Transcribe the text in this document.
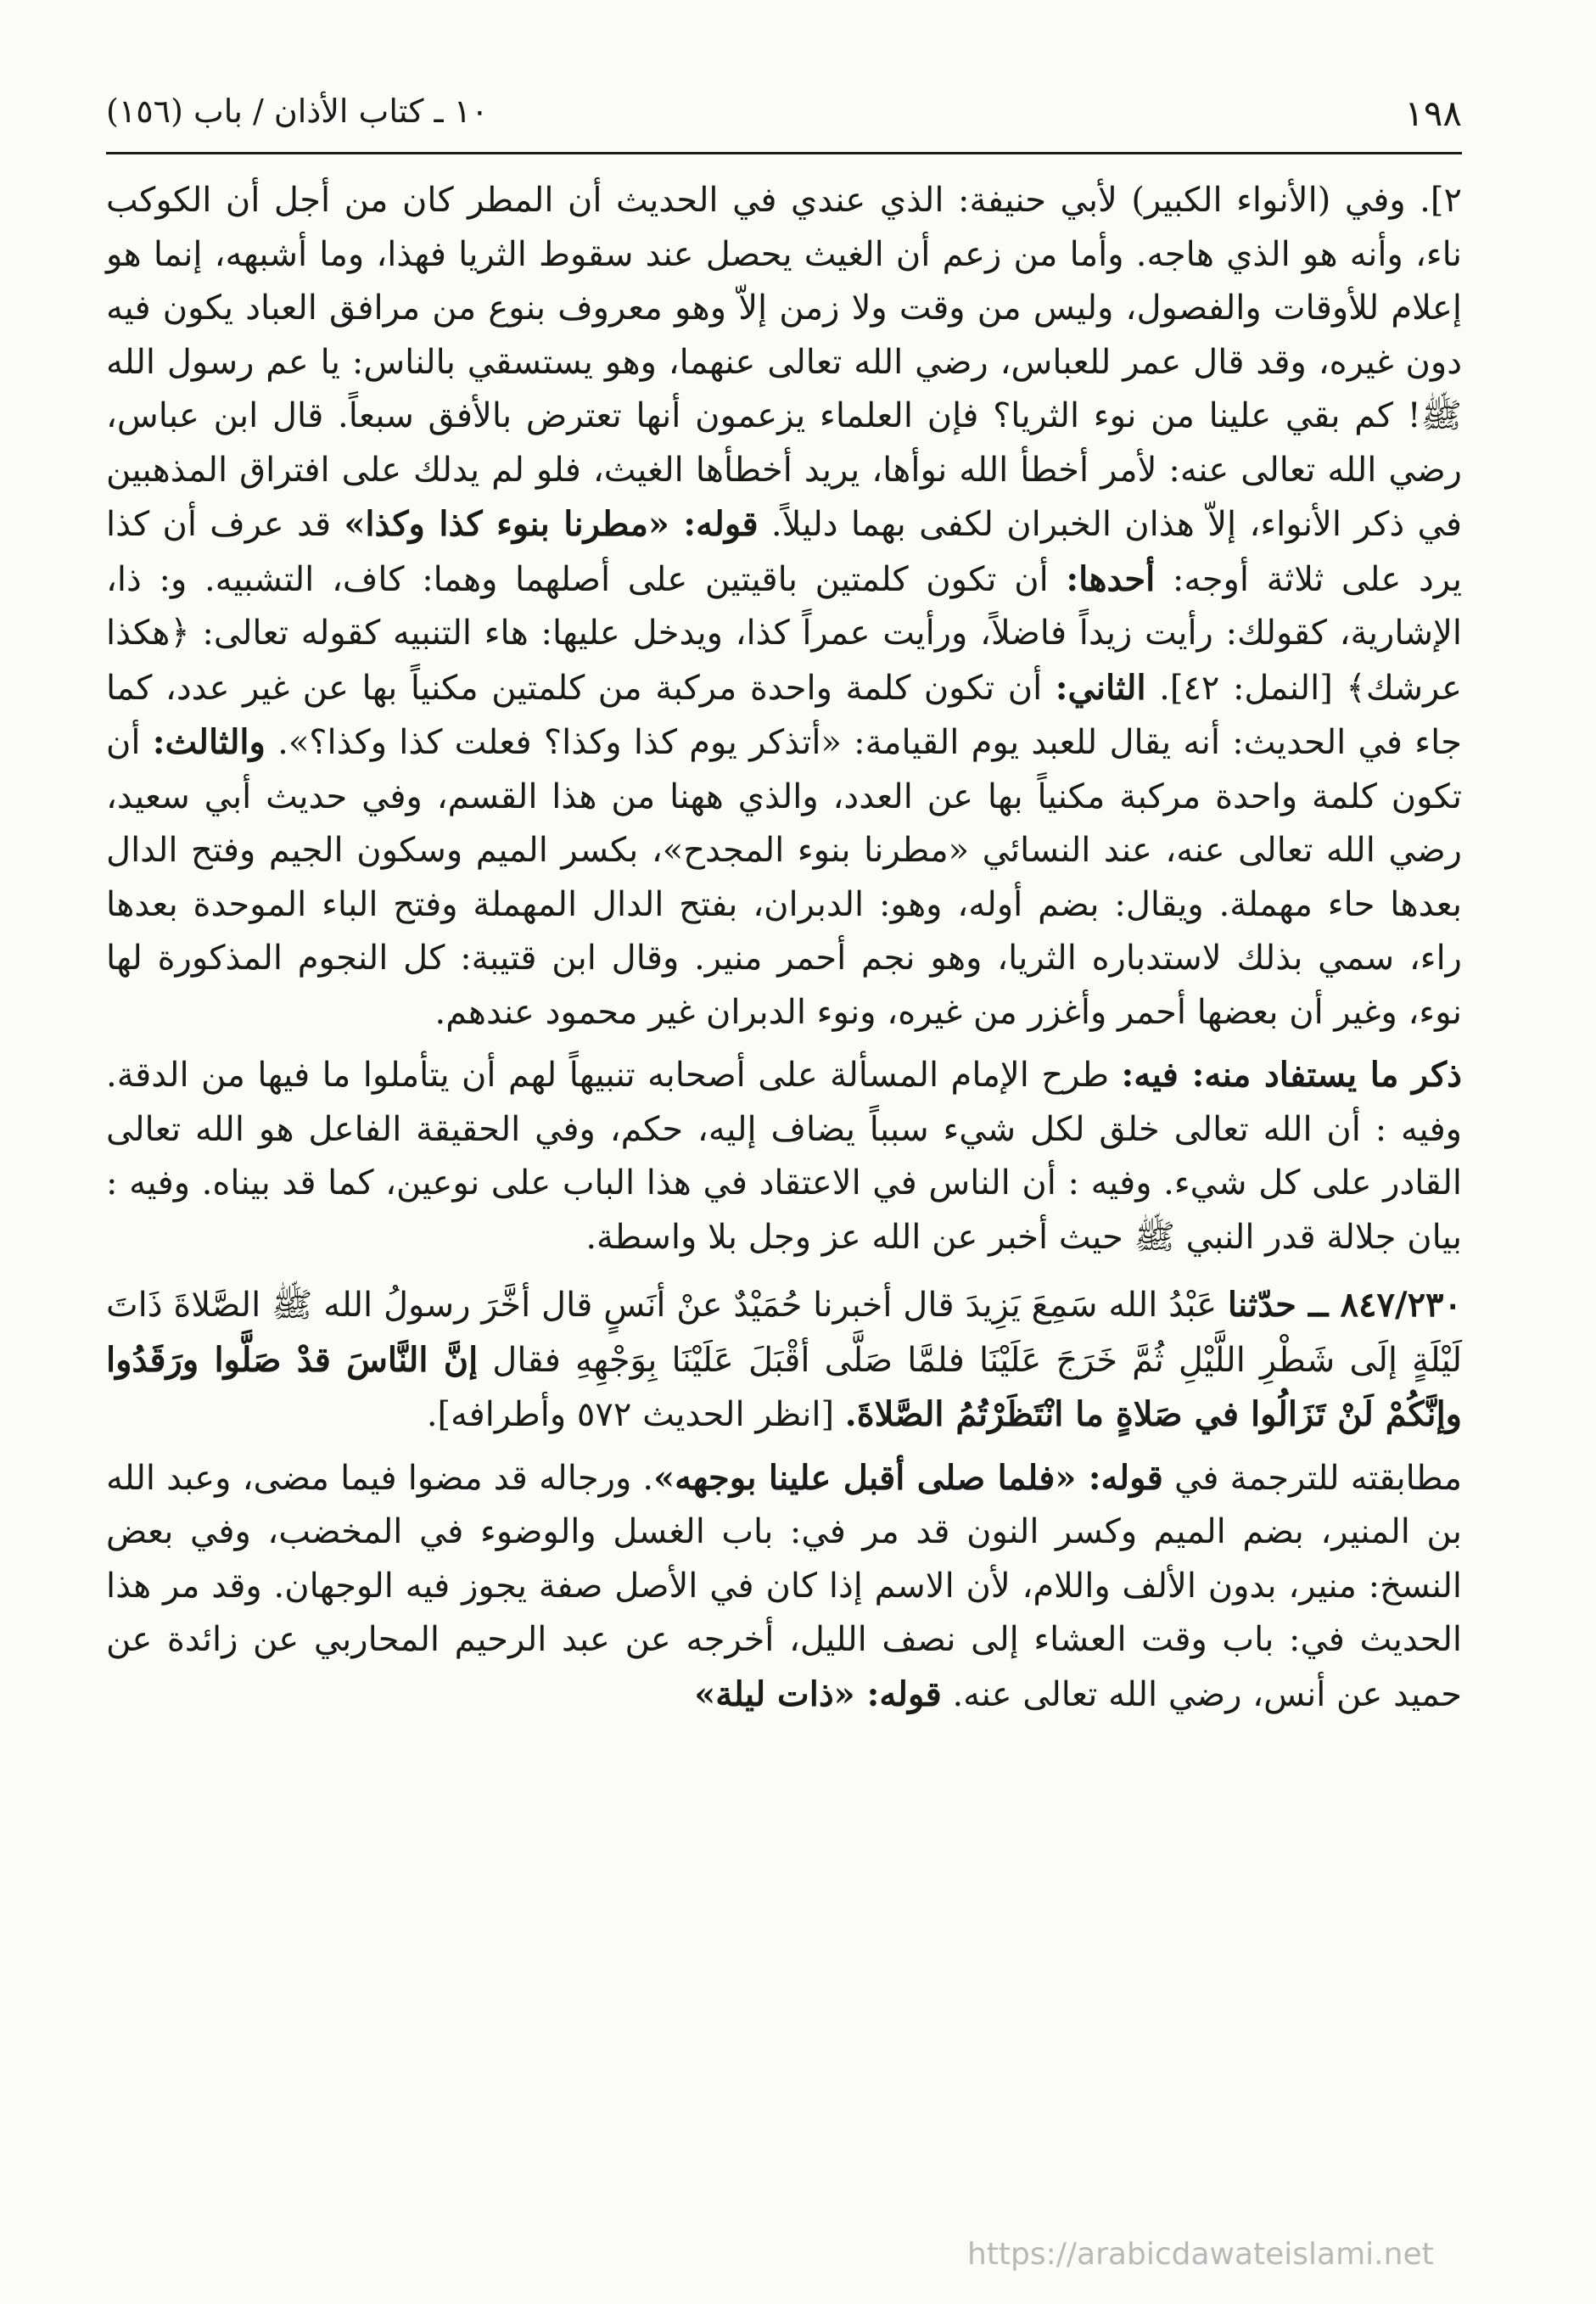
١٩٨
١٠ ـ كتاب الأذان / باب (١٥٦)

٢]. وفي (الأنواء الكبير) لأبي حنيفة: الذي عندي في الحديث أن المطر كان من أجل أن الكوكب ناء، وأنه هو الذي هاجه. وأما من زعم أن الغيث يحصل عند سقوط الثريا فهذا، وما أشبهه، إنما هو إعلام للأوقات والفصول، وليس من وقت ولا زمن إلاّ وهو معروف بنوع من مرافق العباد يكون فيه دون غيره، وقد قال عمر للعباس، رضي الله تعالى عنهما، وهو يستسقي بالناس: يا عم رسول الله ﷺ! كم بقي علينا من نوء الثريا؟ فإن العلماء يزعمون أنها تعترض بالأفق سبعاً. قال ابن عباس، رضي الله تعالى عنه: لأمر أخطأ الله نوأها، يريد أخطأها الغيث، فلو لم يدلك على افتراق المذهبين في ذكر الأنواء، إلاّ هذان الخبران لكفى بهما دليلاً. قوله: «مطرنا بنوء كذا وكذا» قد عرف أن كذا يرد على ثلاثة أوجه: أحدها: أن تكون كلمتين باقيتين على أصلهما وهما: كاف، التشبيه. و: ذا، الإشارية، كقولك: رأيت زيداً فاضلاً، ورأيت عمراً كذا، ويدخل عليها: هاء التنبيه كقوله تعالى: ﴿هكذا عرشك﴾ [النمل: ٤٢]. الثاني: أن تكون كلمة واحدة مركبة من كلمتين مكنياً بها عن غير عدد، كما جاء في الحديث: أنه يقال للعبد يوم القيامة: «أتذكر يوم كذا وكذا؟ فعلت كذا وكذا؟». والثالث: أن تكون كلمة واحدة مركبة مكنياً بها عن العدد، والذي ههنا من هذا القسم، وفي حديث أبي سعيد، رضي الله تعالى عنه، عند النسائي «مطرنا بنوء المجدح»، بكسر الميم وسكون الجيم وفتح الدال بعدها حاء مهملة. ويقال: بضم أوله، وهو: الدبران، بفتح الدال المهملة وفتح الباء الموحدة بعدها راء، سمي بذلك لاستدباره الثريا، وهو نجم أحمر منير. وقال ابن قتيبة: كل النجوم المذكورة لها نوء، وغير أن بعضها أحمر وأغزر من غيره، ونوء الدبران غير محمود عندهم.

ذكر ما يستفاد منه: فيه: طرح الإمام المسألة على أصحابه تنبيهاً لهم أن يتأملوا ما فيها من الدقة. وفيه : أن الله تعالى خلق لكل شيء سبباً يضاف إليه، حكم، وفي الحقيقة الفاعل هو الله تعالى القادر على كل شيء. وفيه : أن الناس في الاعتقاد في هذا الباب على نوعين، كما قد بيناه. وفيه : بيان جلالة قدر النبي ﷺ حيث أخبر عن الله عز وجل بلا واسطة.

٨٤٧/٢٣٠ ــ حدّثنا عَبْدُ الله سَمِعَ يَزِيدَ قال أخبرنا حُمَيْدٌ عنْ أنَسٍ قال أخَّرَ رسولُ الله ﷺ الصَّلاةَ ذَاتَ لَيْلَةٍ إلَى شَطْرِ اللَّيْلِ ثُمَّ خَرَجَ عَلَيْنَا فلمَّا صَلَّى أقْبَلَ عَلَيْنَا بِوَجْهِهِ فقال إنَّ النَّاسَ قدْ صَلَّوا ورَقَدُوا وإنَّكُمْ لَنْ تَزَالُوا في صَلاةٍ ما انْتَظَرْتُمُ الصَّلاةَ. [انظر الحديث ٥٧٢ وأطرافه].

مطابقته للترجمة في قوله: «فلما صلى أقبل علينا بوجهه». ورجاله قد مضوا فيما مضى، وعبد الله بن المنير، بضم الميم وكسر النون قد مر في: باب الغسل والوضوء في المخضب، وفي بعض النسخ: منير، بدون الألف واللام، لأن الاسم إذا كان في الأصل صفة يجوز فيه الوجهان. وقد مر هذا الحديث في: باب وقت العشاء إلى نصف الليل، أخرجه عن عبد الرحيم المحاربي عن زائدة عن حميد عن أنس، رضي الله تعالى عنه. قوله: «ذات ليلة»

https://arabicdawateislami.net
